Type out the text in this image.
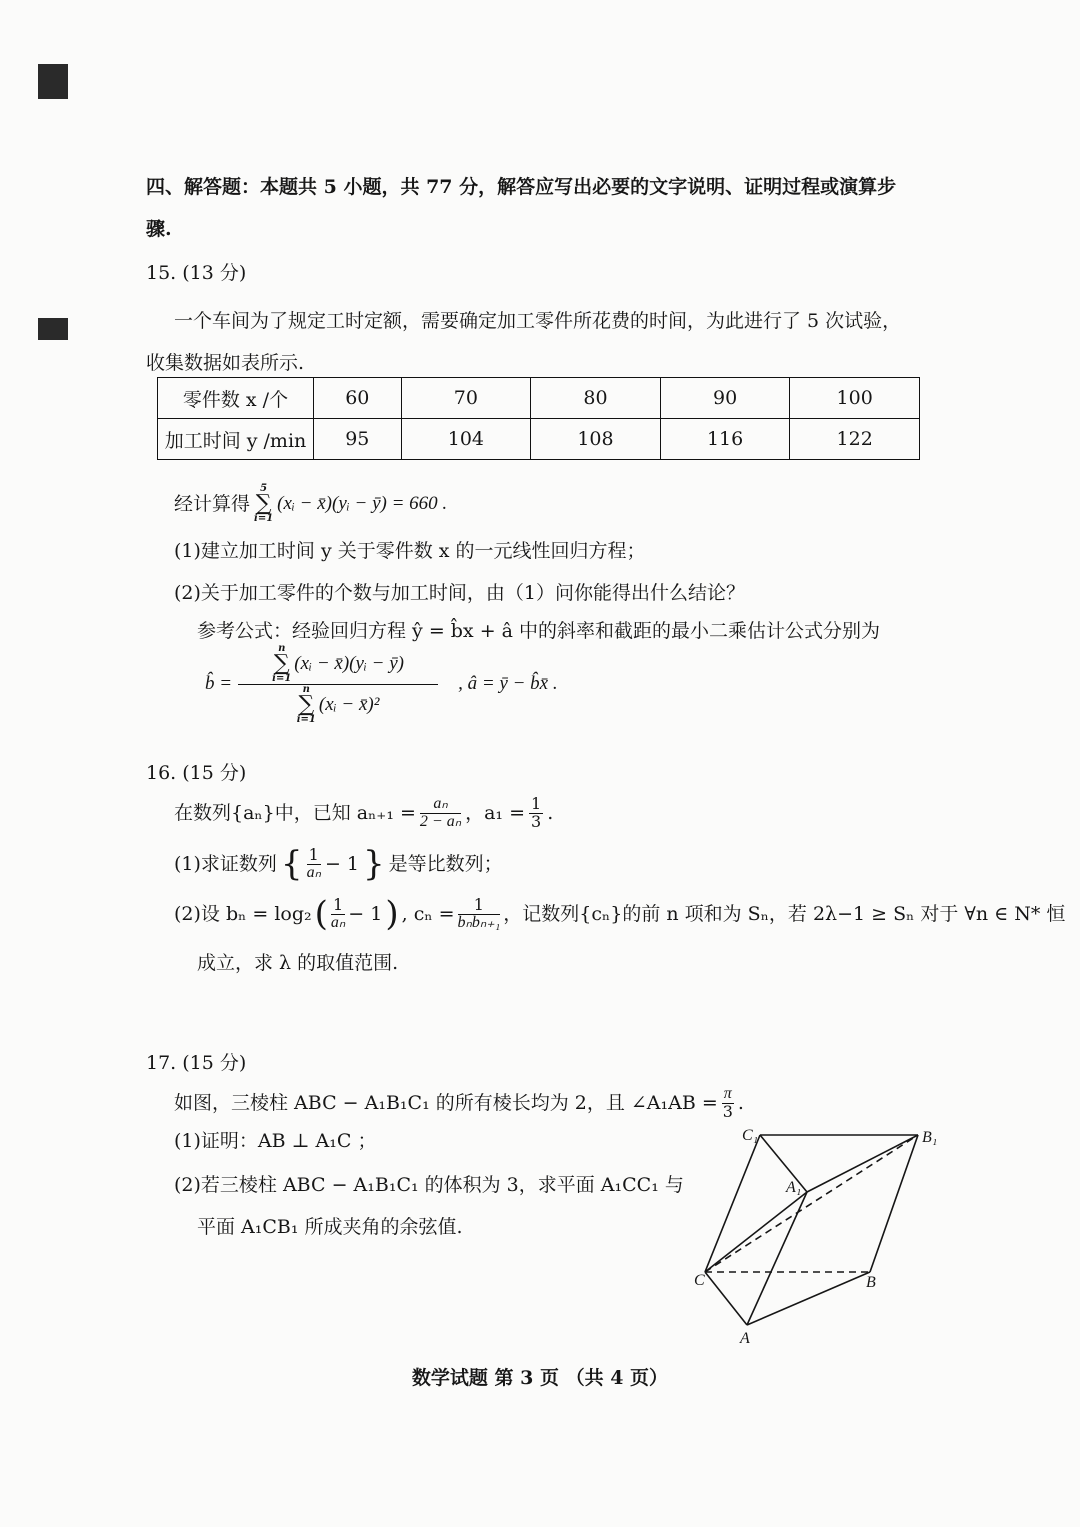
四、解答题：本题共 5 小题，共 77 分，解答应写出必要的文字说明、证明过程或演算步
骤.
15. (13 分)
一个车间为了规定工时定额，需要确定加工零件所花费的时间，为此进行了 5 次试验，
收集数据如表所示.
零件数 x /个	60	70	80	90	100
加工时间 y /min	95	104	108	116	122
经计算得
5
∑
i=1
(xᵢ − x̄)(yᵢ − ȳ) = 660 .
(1)建立加工时间 y 关于零件数 x 的一元线性回归方程；
(2)关于加工零件的个数与加工时间，由（1）问你能得出什么结论？
参考公式：经验回归方程 ŷ = b̂x + â 中的斜率和截距的最小二乘估计公式分别为
b̂ = n
∑
i=1
(xᵢ − x̄)(yᵢ − ȳ)
n
∑
i=1
(xᵢ − x̄)² , â = ȳ − b̂x̄ .
16. (15 分)
在数列{aₙ}中，已知 $a_{n+1} = \frac{\text{aₙ}}{\text{2 − aₙ}}$ ，$a_1 = \frac{1}{3}$ .
(1)求证数列 { $\frac{1}{\text{aₙ}} - 1$ } 是等比数列；
(2)设 bₙ = log₂ ( $\frac{1}{\text{aₙ}} - 1$ ) , $c_n = \frac{1}{\text{bₙbₙ₊₁}}$ ，记数列{cₙ}的前 n 项和为 Sₙ，若 2λ−1 ≥ Sₙ 对于 ∀n ∈ N* 恒
成立，求 λ 的取值范围.
17. (15 分)
如图，三棱柱 ABC − A₁B₁C₁ 的所有棱长均为 2，且 ∠A₁AB = $\frac{\pi}{3}$ .
(1)证明：AB ⊥ A₁C ；
(2)若三棱柱 ABC − A₁B₁C₁ 的体积为 3，求平面 A₁CC₁ 与
平面 A₁CB₁ 所成夹角的余弦值.
C₁	B₁
A₁
C	B
A
数学试题 第 3 页 （共 4 页）
